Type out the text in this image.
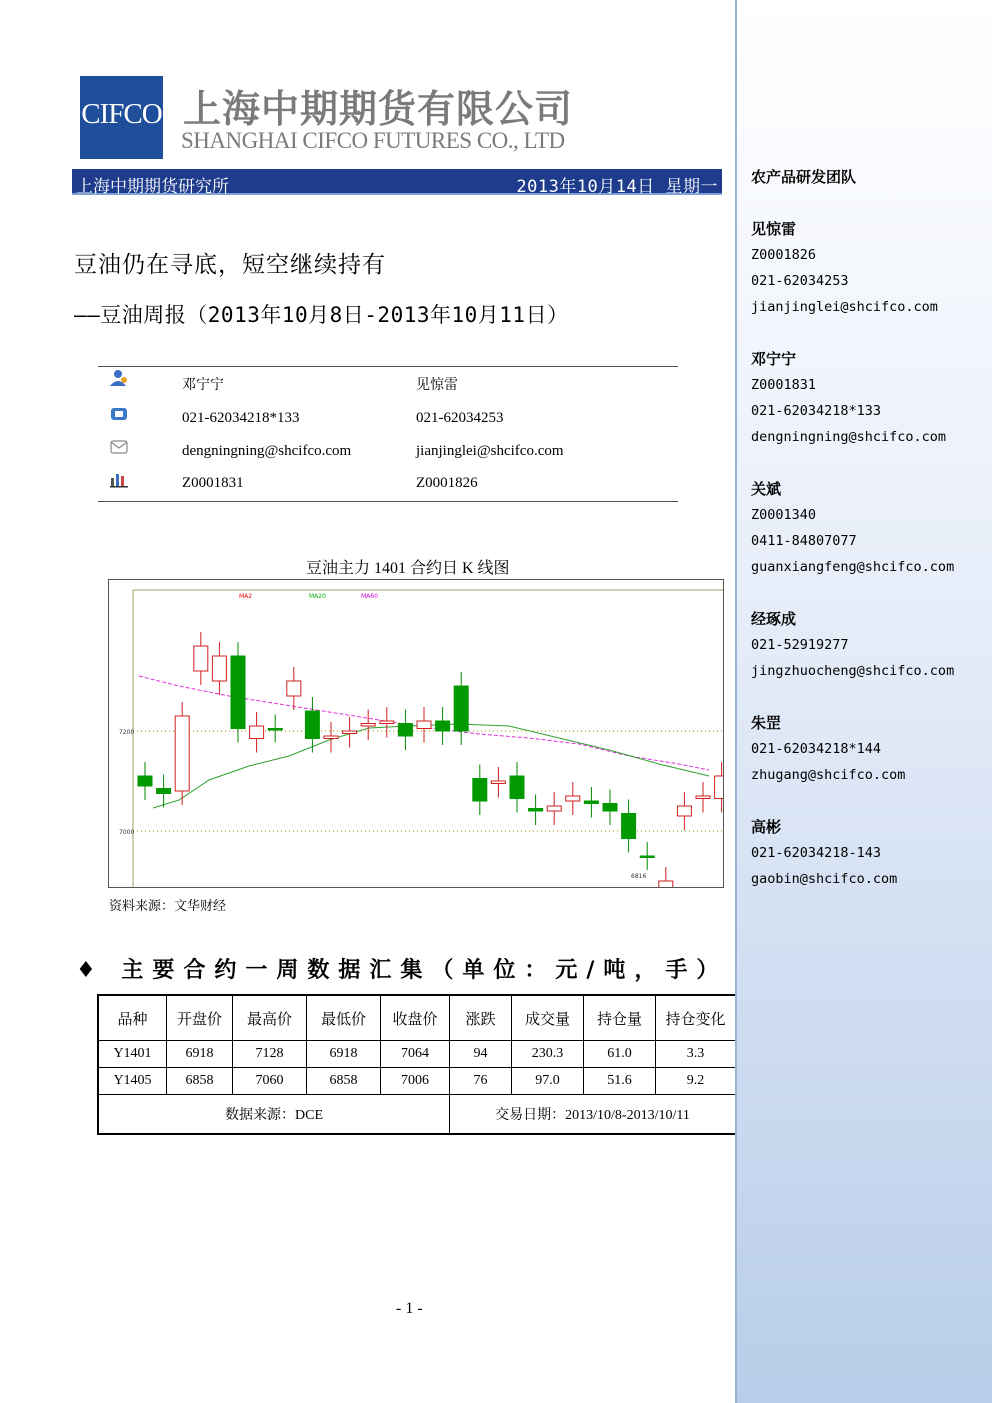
CIFCO 上海中期期货有限公司
SHANGHAI CIFCO FUTURES CO., LTD
上海中期期货研究所	2013年10月14日 星期一
豆油仍在寻底，短空继续持有
——豆油周报（2013年10月8日-2013年10月11日）
邓宁宁	见惊雷
021-62034218*133	021-62034253
dengningning@shcifco.com	jianjinglei@shcifco.com
Z0001831	Z0001826
豆油主力 1401 合约日 K 线图
7200
7000
MA2	MA20	MA60
6816
资料来源：文华财经
♦ 主要合约一周数据汇集（单位：元/吨，手）
品种	开盘价	最高价	最低价	收盘价	涨跌	成交量	持仓量	持仓变化
Y1401	6918	7128	6918	7064	94	230.3	61.0	3.3
Y1405	6858	7060	6858	7006	76	97.0	51.6	9.2
数据来源：DCE					交易日期：2013/10/8-2013/10/11			
- 1 -
农产品研发团队
见惊雷
Z0001826
021-62034253
jianjinglei@shcifco.com
邓宁宁
Z0001831
021-62034218*133
dengningning@shcifco.com
关斌
Z0001340
0411-84807077
guanxiangfeng@shcifco.com
经琢成
021-52919277
jingzhuocheng@shcifco.com
朱罡
021-62034218*144
zhugang@shcifco.com
高彬
021-62034218-143
gaobin@shcifco.com
